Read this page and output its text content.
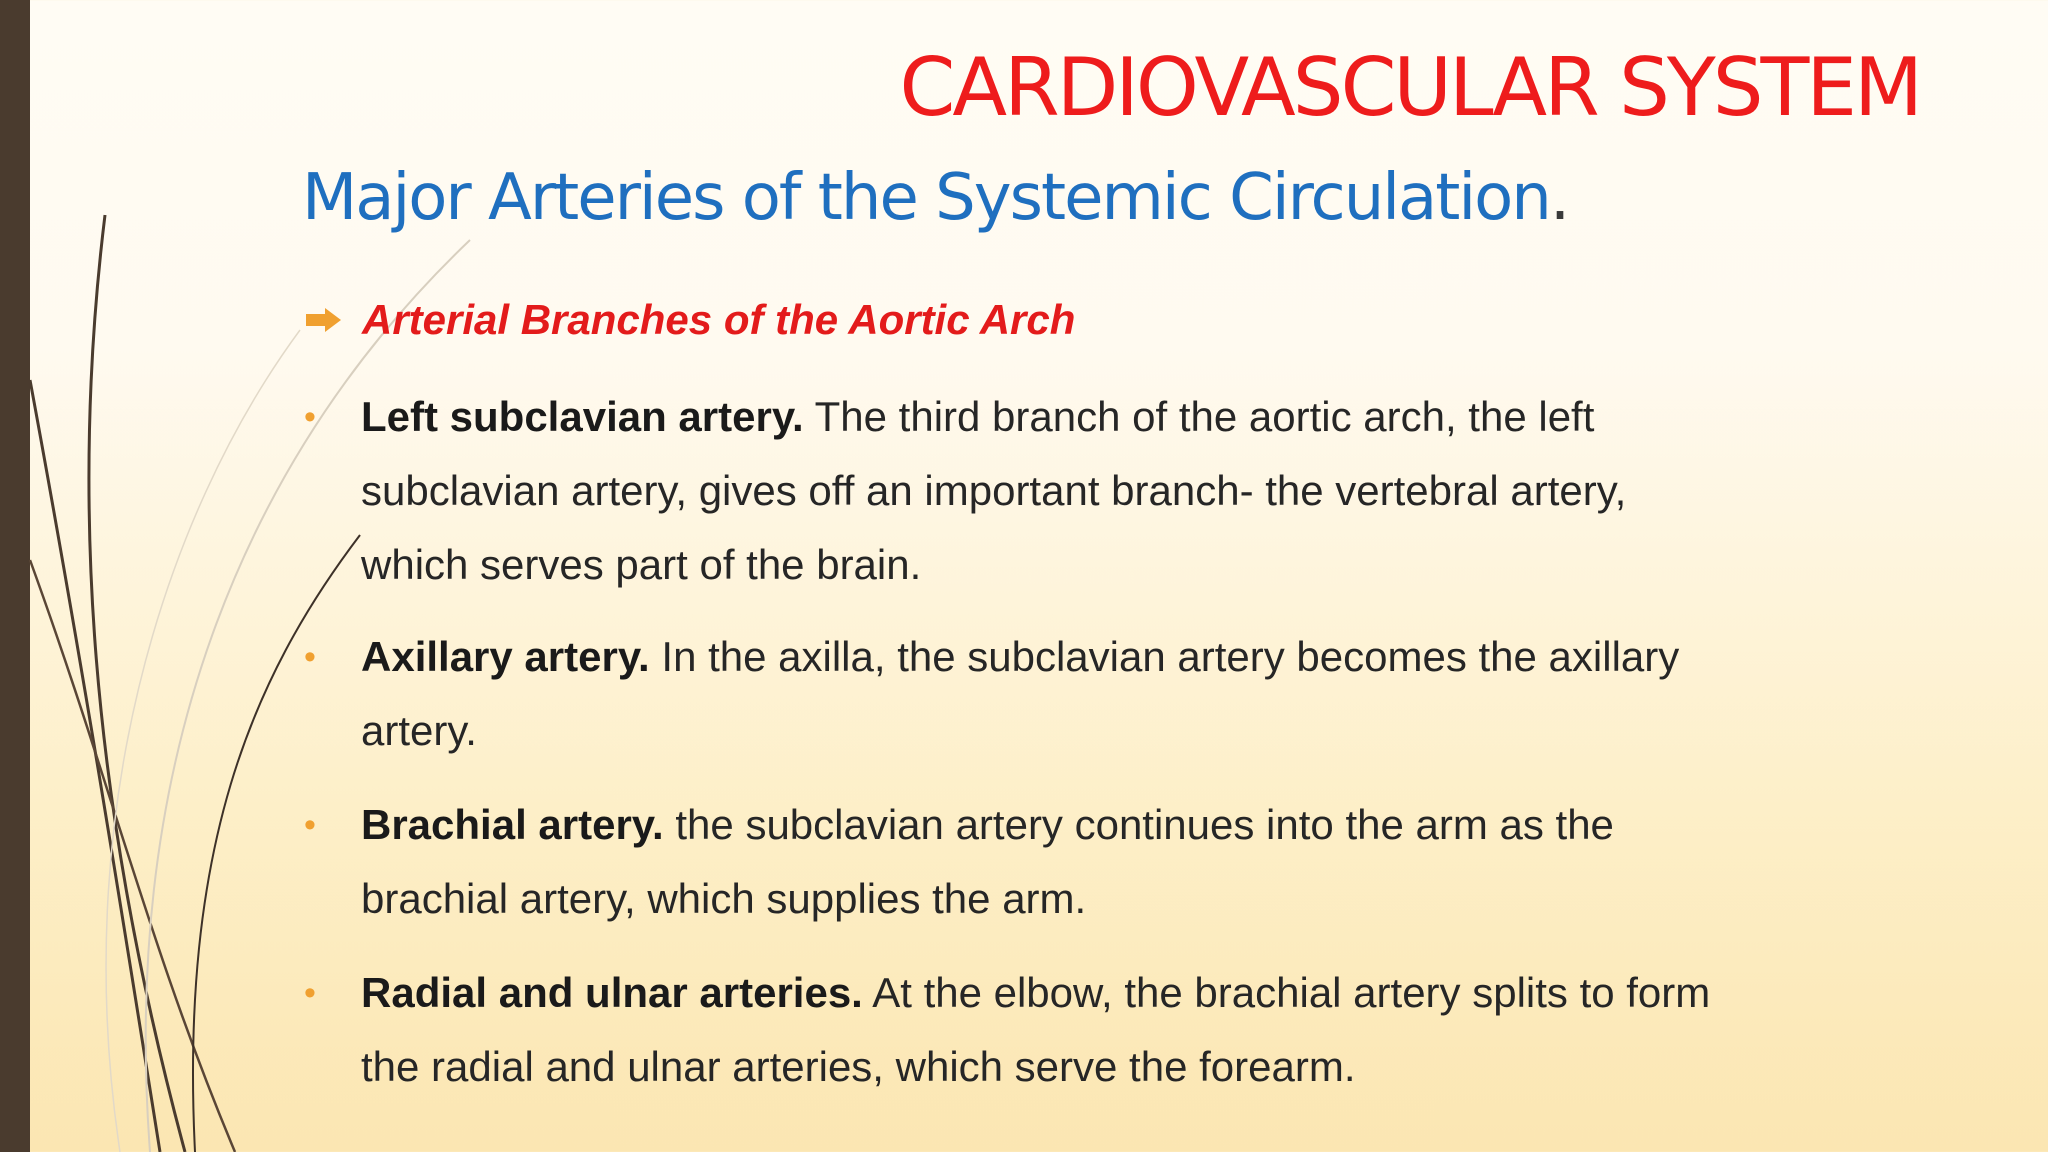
CARDIOVASCULAR SYSTEM
Major Arteries of the Systemic Circulation.
Arterial Branches of the Aortic Arch
• Left subclavian artery. The third branch of the aortic arch, the left
subclavian artery, gives off an important branch- the vertebral artery,
which serves part of the brain.
• Axillary artery. In the axilla, the subclavian artery becomes the axillary
artery.
• Brachial artery. the subclavian artery continues into the arm as the
brachial artery, which supplies the arm.
• Radial and ulnar arteries. At the elbow, the brachial artery splits to form
the radial and ulnar arteries, which serve the forearm.
